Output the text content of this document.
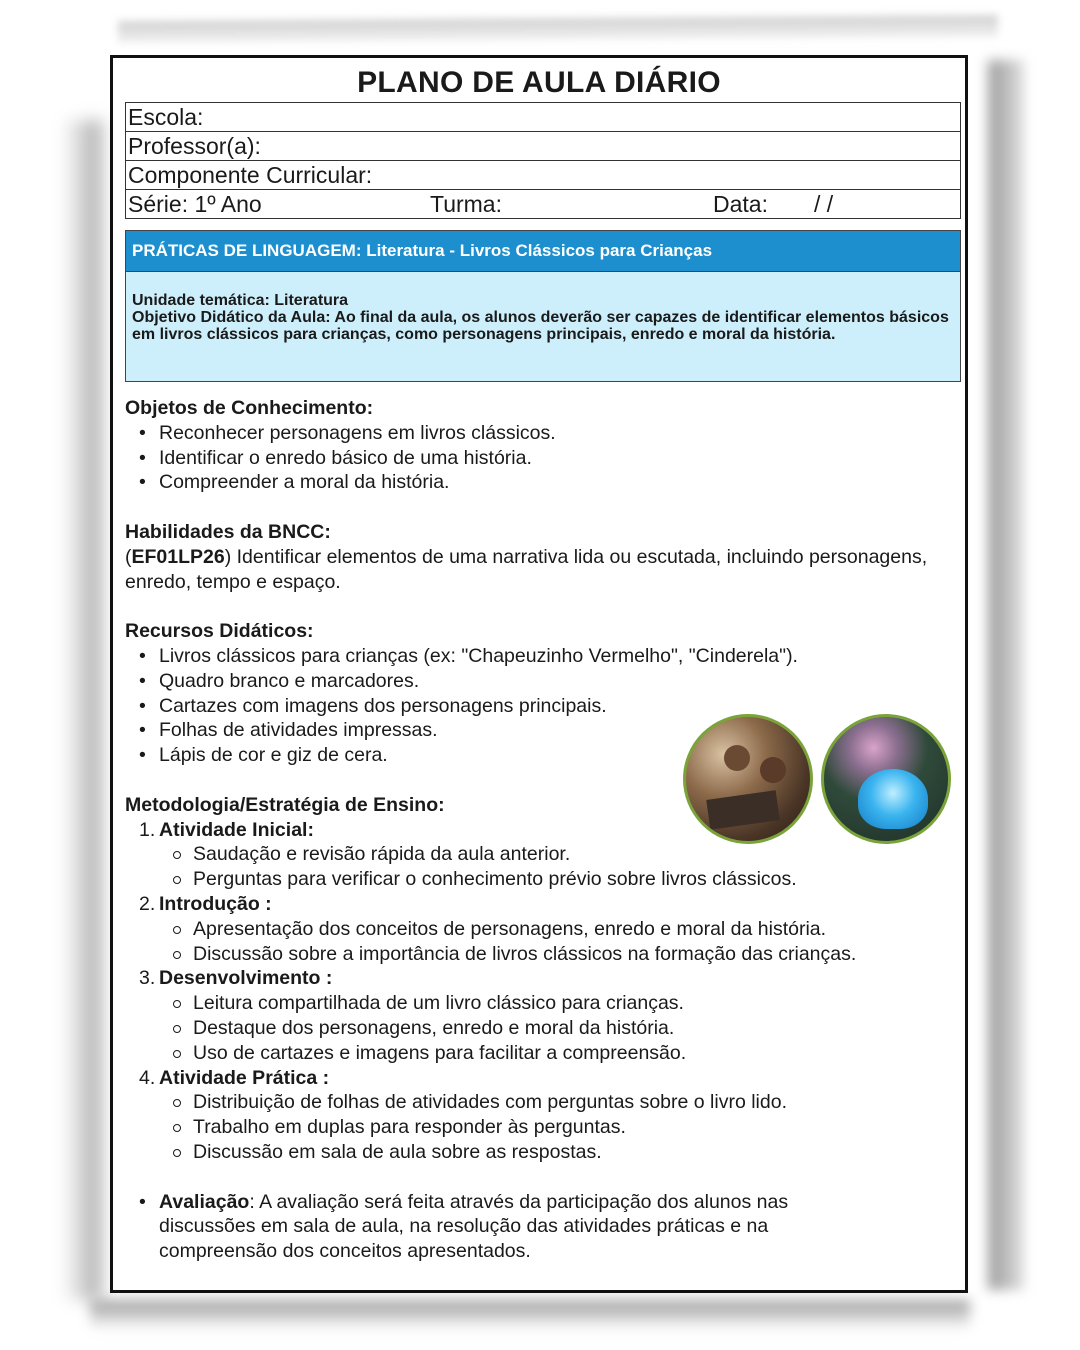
PLANO DE AULA DIÁRIO
Escola:
Professor(a):
Componente Curricular:
Série: 1º Ano	Turma:	Data: / /
PRÁTICAS DE LINGUAGEM: Literatura - Livros Clássicos para Crianças
Unidade temática: Literatura
Objetivo Didático da Aula: Ao final da aula, os alunos deverão ser capazes de identificar elementos básicos em livros clássicos para crianças, como personagens principais, enredo e moral da história.
Objetos de Conhecimento:
• Reconhecer personagens em livros clássicos.
• Identificar o enredo básico de uma história.
• Compreender a moral da história.
Habilidades da BNCC:
(EF01LP26) Identificar elementos de uma narrativa lida ou escutada, incluindo personagens, enredo, tempo e espaço.
Recursos Didáticos:
• Livros clássicos para crianças (ex: "Chapeuzinho Vermelho", "Cinderela").
• Quadro branco e marcadores.
• Cartazes com imagens dos personagens principais.
• Folhas de atividades impressas.
• Lápis de cor e giz de cera.
Metodologia/Estratégia de Ensino:
1. Atividade Inicial:
Saudação e revisão rápida da aula anterior.
Perguntas para verificar o conhecimento prévio sobre livros clássicos.
2. Introdução :
Apresentação dos conceitos de personagens, enredo e moral da história.
Discussão sobre a importância de livros clássicos na formação das crianças.
3. Desenvolvimento :
Leitura compartilhada de um livro clássico para crianças.
Destaque dos personagens, enredo e moral da história.
Uso de cartazes e imagens para facilitar a compreensão.
4. Atividade Prática :
Distribuição de folhas de atividades com perguntas sobre o livro lido.
Trabalho em duplas para responder às perguntas.
Discussão em sala de aula sobre as respostas.
• Avaliação: A avaliação será feita através da participação dos alunos nas discussões em sala de aula, na resolução das atividades práticas e na compreensão dos conceitos apresentados.
